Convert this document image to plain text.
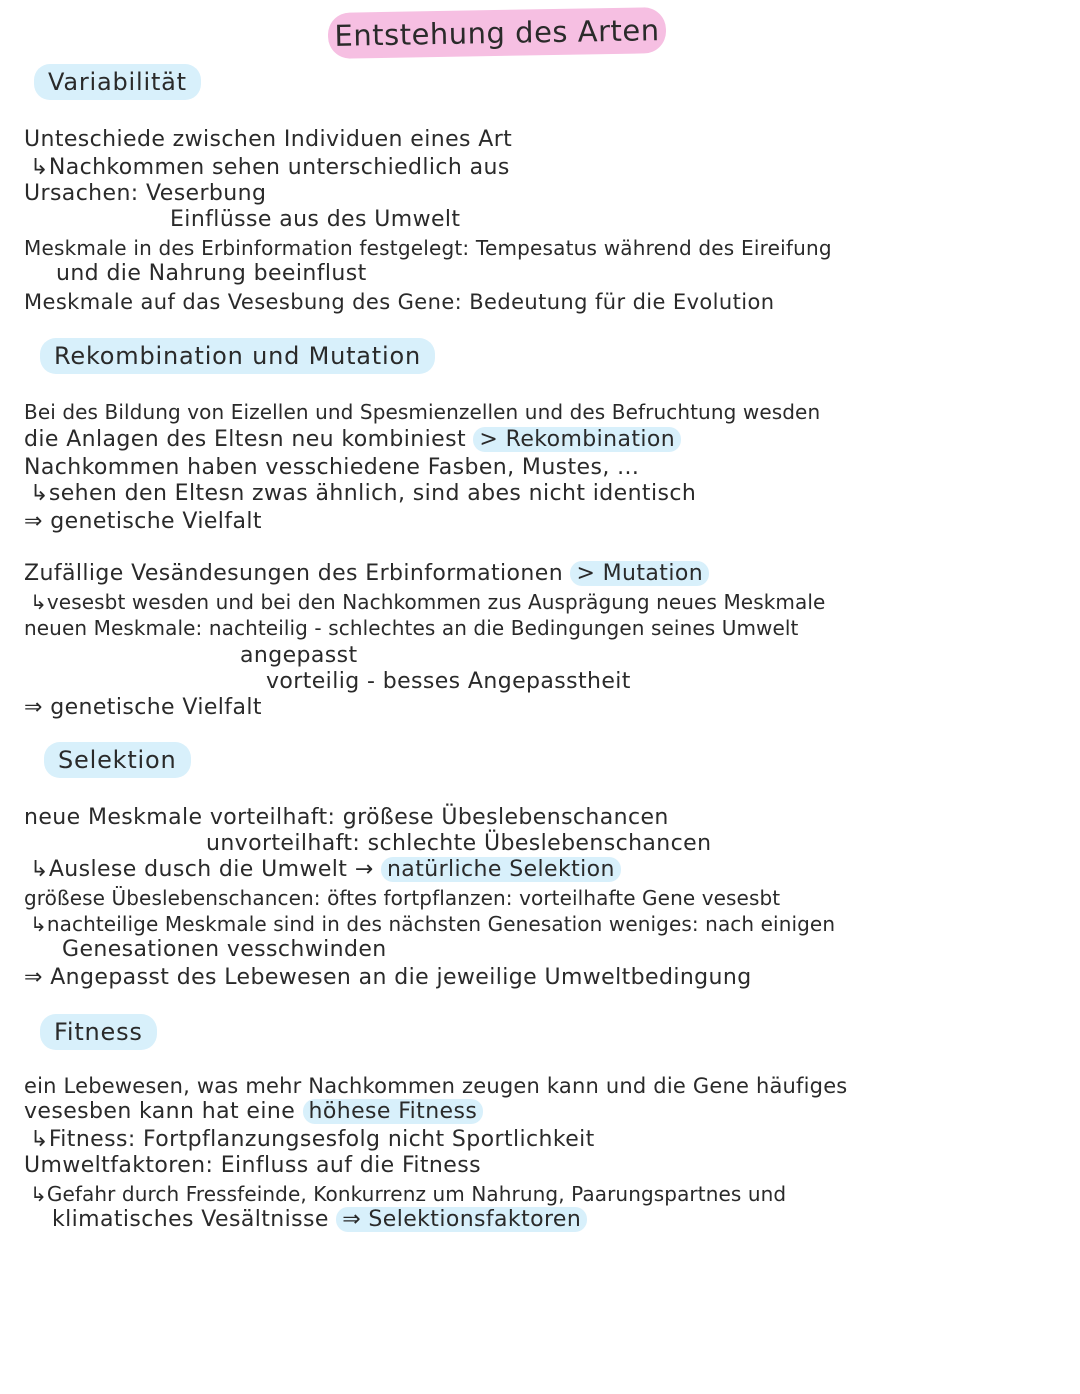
Entstehung des Arten
Variabilität
Unteschiede zwischen Individuen eines Art
↳Nachkommen sehen unterschiedlich aus
Ursachen: Veserbung
Einflüsse aus des Umwelt
Meskmale in des Erbinformation festgelegt: Tempesatus während des Eireifung
und die Nahrung beeinflust
Meskmale auf das Vesesbung des Gene: Bedeutung für die Evolution
Rekombination und Mutation
Bei des Bildung von Eizellen und Spesmienzellen und des Befruchtung wesden
die Anlagen des Eltesn neu kombiniest > Rekombination
Nachkommen haben vesschiedene Fasben, Mustes, ...
↳sehen den Eltesn zwas ähnlich, sind abes nicht identisch
⇒ genetische Vielfalt
Zufällige Vesändesungen des Erbinformationen > Mutation
↳vesesbt wesden und bei den Nachkommen zus Ausprägung neues Meskmale
neuen Meskmale: nachteilig - schlechtes an die Bedingungen seines Umwelt
angepasst
vorteilig - besses Angepasstheit
⇒ genetische Vielfalt
Selektion
neue Meskmale vorteilhaft: größese Übeslebenschancen
unvorteilhaft: schlechte Übeslebenschancen
↳Auslese dusch die Umwelt → natürliche Selektion
größese Übeslebenschancen: öftes fortpflanzen: vorteilhafte Gene vesesbt
↳nachteilige Meskmale sind in des nächsten Genesation weniges: nach einigen
Genesationen vesschwinden
⇒ Angepasst des Lebewesen an die jeweilige Umweltbedingung
Fitness
ein Lebewesen, was mehr Nachkommen zeugen kann und die Gene häufiges
vesesben kann hat eine höhese Fitness
↳Fitness: Fortpflanzungsesfolg nicht Sportlichkeit
Umweltfaktoren: Einfluss auf die Fitness
↳Gefahr durch Fressfeinde, Konkurrenz um Nahrung, Paarungspartnes und
klimatisches Vesältnisse ⇒ Selektionsfaktoren
